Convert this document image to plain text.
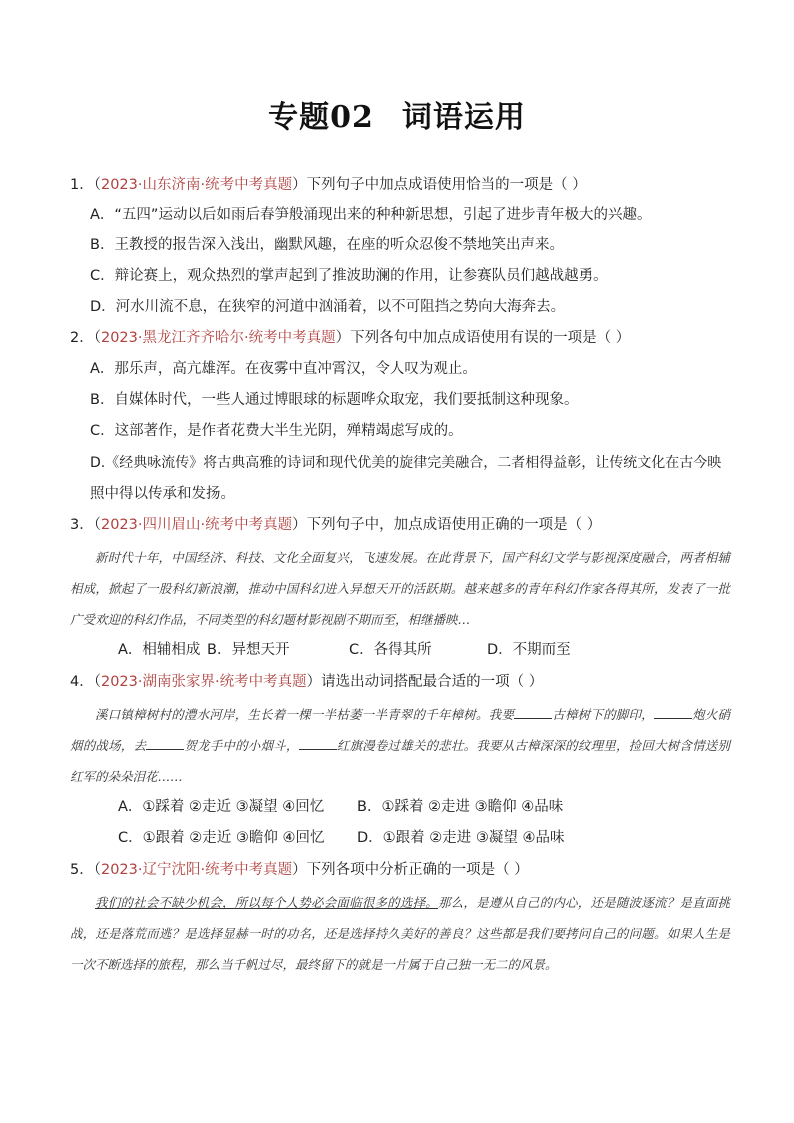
专题02 词语运用
1．（2023·山东济南·统考中考真题）下列句子中加点成语使用恰当的一项是（ ）
A．“五四”运动以后如雨后春笋般涌现出来的种种新思想，引起了进步青年极大的兴趣。
B．王教授的报告深入浅出，幽默风趣，在座的听众忍俊不禁地笑出声来。
C．辩论赛上，观众热烈的掌声起到了推波助澜的作用，让参赛队员们越战越勇。
D．河水川流不息，在狭窄的河道中汹涌着，以不可阻挡之势向大海奔去。
2．（2023·黑龙江齐齐哈尔·统考中考真题）下列各句中加点成语使用有误的一项是（ ）
A．那乐声，高亢雄浑。在夜雾中直冲霄汉，令人叹为观止。
B．自媒体时代，一些人通过博眼球的标题哗众取宠，我们要抵制这种现象。
C．这部著作，是作者花费大半生光阴，殚精竭虑写成的。
D.《经典咏流传》将古典高雅的诗词和现代优美的旋律完美融合，二者相得益彰，让传统文化在古今映
照中得以传承和发扬。
3．（2023·四川眉山·统考中考真题）下列句子中，加点成语使用正确的一项是（ ）
新时代十年，中国经济、科技、文化全面复兴，飞速发展。在此背景下，国产科幻文学与影视深度融合，两者相辅相成，掀起了一股科幻新浪潮，推动中国科幻进入异想天开的活跃期。越来越多的青年科幻作家各得其所，发表了一批广受欢迎的科幻作品，不同类型的科幻题材影视剧不期而至，相继播映…
A．相辅相成 B．异想天开	C．各得其所	D．不期而至
4．（2023·湖南张家界·统考中考真题）请选出动词搭配最合适的一项（ ）
溪口镇樟树村的澧水河岸，生长着一棵一半枯萎一半青翠的千年樟树。我要	古樟树下的脚印，	炮火硝烟的战场，去	贺龙手中的小烟斗，	红旗漫卷过雄关的悲壮。我要从古樟深深的纹理里，捡回大树含情送别红军的朵朵泪花……
A．①踩着 ②走近 ③凝望 ④回忆 B．①踩着 ②走进 ③瞻仰 ④品味
C．①跟着 ②走近 ③瞻仰 ④回忆 D．①跟着 ②走进 ③凝望 ④品味
5．（2023·辽宁沈阳·统考中考真题）下列各项中分析正确的一项是（ ）
我们的社会不缺少机会，所以每个人势必会面临很多的选择。那么，是遵从自己的内心，还是随波逐流？是直面挑战，还是落荒而逃？是选择显赫一时的功名，还是选择持久美好的善良？这些都是我们要拷问自己的问题。如果人生是一次不断选择的旅程，那么当千帆过尽，最终留下的就是一片属于自己独一无二的风景。
